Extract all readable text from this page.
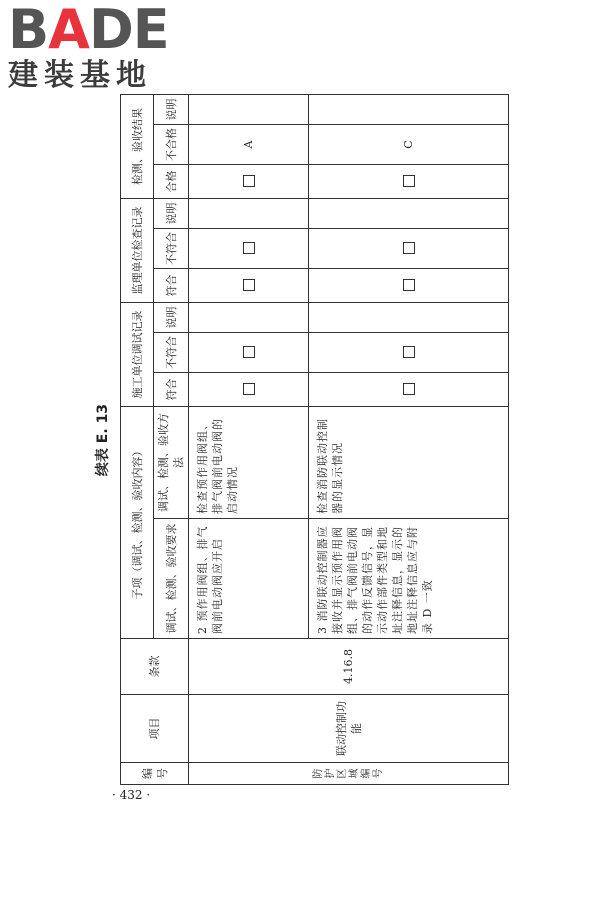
B A DE
建装基地
续表 E. 13
编号	项目	条款	子项（调试、检测、验收内容）		施工单位调试记录			监理单位检查记录			检测、验收结果		
			调试、检测、验收要求	调试、检测、验收方法	符合	不符合	说明	符合	不符合	说明	合格	不合格	说明
防护区域编号	联动控制功能	4.16.8	2 预作用阀组、排气阀前电动阀应开启	检查预作用阀组、排气阀前电动阀的启动情况								A	
			3 消防联动控制器应接收并显示预作用阀组、排气阀前电动阀的动作反馈信号，显示动作部件类型和地址注释信息，显示的地址注释信息应与附录 D 一致	检查消防联动控制器的显示情况								C	
· 432 ·
